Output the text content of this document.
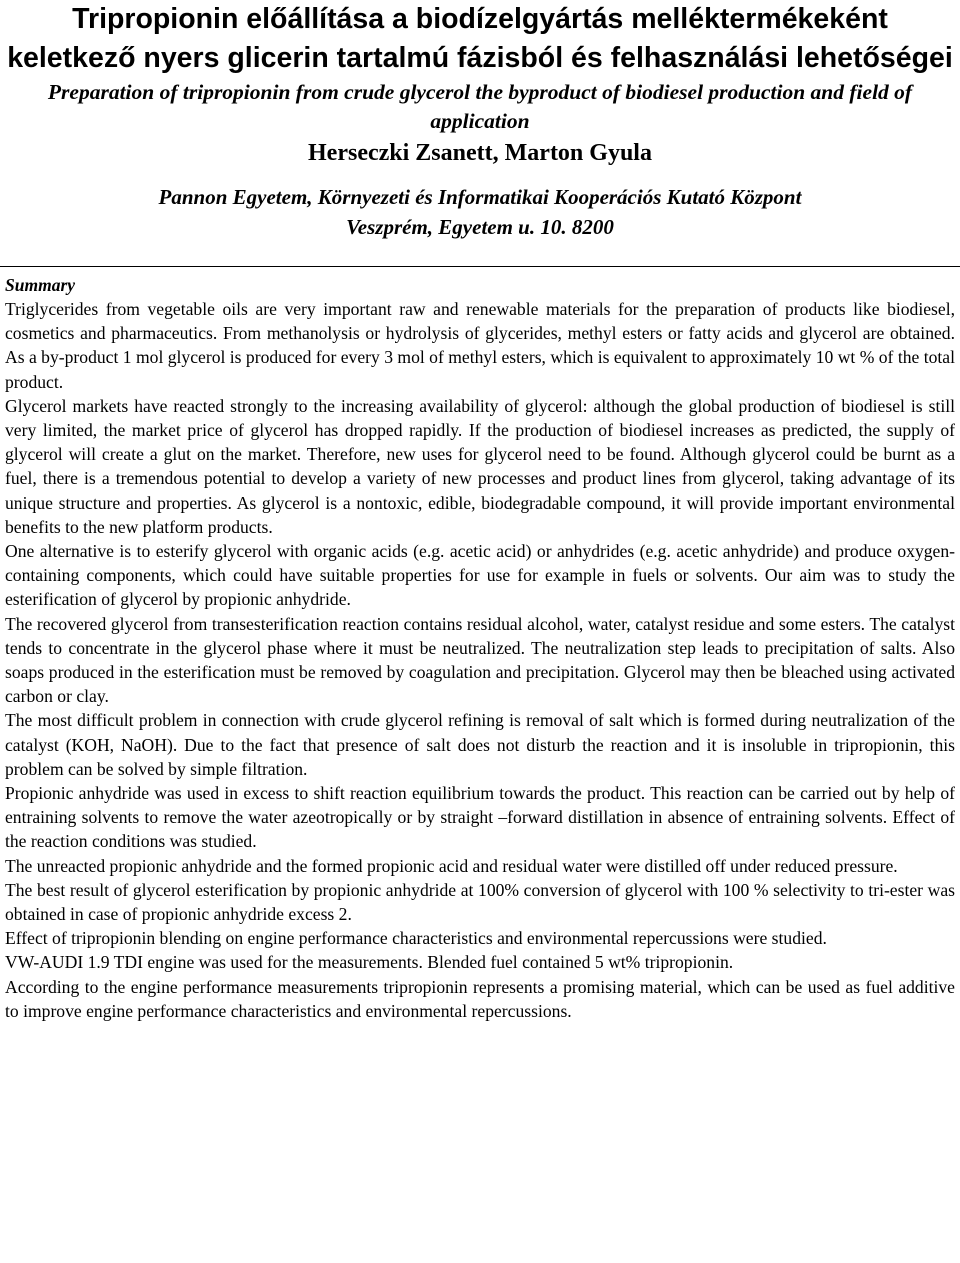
Tripropionin előállítása a biodízelgyártás melléktermékeként keletkező nyers glicerin tartalmú fázisból és felhasználási lehetőségei
Preparation of tripropionin from crude glycerol the byproduct of biodiesel production and field of application
Herseczki Zsanett, Marton Gyula
Pannon Egyetem, Környezeti és Informatikai Kooperációs Kutató Központ
Veszprém, Egyetem u. 10. 8200
Summary

Triglycerides from vegetable oils are very important raw and renewable materials for the preparation of products like biodiesel, cosmetics and pharmaceutics. From methanolysis or hydrolysis of glycerides, methyl esters or fatty acids and glycerol are obtained. As a by-product 1 mol glycerol is produced for every 3 mol of methyl esters, which is equivalent to approximately 10 wt % of the total product.

Glycerol markets have reacted strongly to the increasing availability of glycerol: although the global production of biodiesel is still very limited, the market price of glycerol has dropped rapidly. If the production of biodiesel increases as predicted, the supply of glycerol will create a glut on the market. Therefore, new uses for glycerol need to be found. Although glycerol could be burnt as a fuel, there is a tremendous potential to develop a variety of new processes and product lines from glycerol, taking advantage of its unique structure and properties. As glycerol is a nontoxic, edible, biodegradable compound, it will provide important environmental benefits to the new platform products.

One alternative is to esterify glycerol with organic acids (e.g. acetic acid) or anhydrides (e.g. acetic anhydride) and produce oxygen-containing components, which could have suitable properties for use for example in fuels or solvents. Our aim was to study the esterification of glycerol by propionic anhydride.

The recovered glycerol from transesterification reaction contains residual alcohol, water, catalyst residue and some esters. The catalyst tends to concentrate in the glycerol phase where it must be neutralized. The neutralization step leads to precipitation of salts. Also soaps produced in the esterification must be removed by coagulation and precipitation. Glycerol may then be bleached using activated carbon or clay.

The most difficult problem in connection with crude glycerol refining is removal of salt which is formed during neutralization of the catalyst (KOH, NaOH). Due to the fact that presence of salt does not disturb the reaction and it is insoluble in tripropionin, this problem can be solved by simple filtration.

Propionic anhydride was used in excess to shift reaction equilibrium towards the product. This reaction can be carried out by help of entraining solvents to remove the water azeotropically or by straight –forward distillation in absence of entraining solvents. Effect of the reaction conditions was studied.

The unreacted propionic anhydride and the formed propionic acid and residual water were distilled off under reduced pressure.

The best result of glycerol esterification by propionic anhydride at 100% conversion of glycerol with 100 % selectivity to tri-ester was obtained in case of propionic anhydride excess 2.

Effect of tripropionin blending on engine performance characteristics and environmental repercussions were studied.

VW-AUDI 1.9 TDI engine was used for the measurements. Blended fuel contained 5 wt% tripropionin.

According to the engine performance measurements tripropionin represents a promising material, which can be used as fuel additive to improve engine performance characteristics and environmental repercussions.
